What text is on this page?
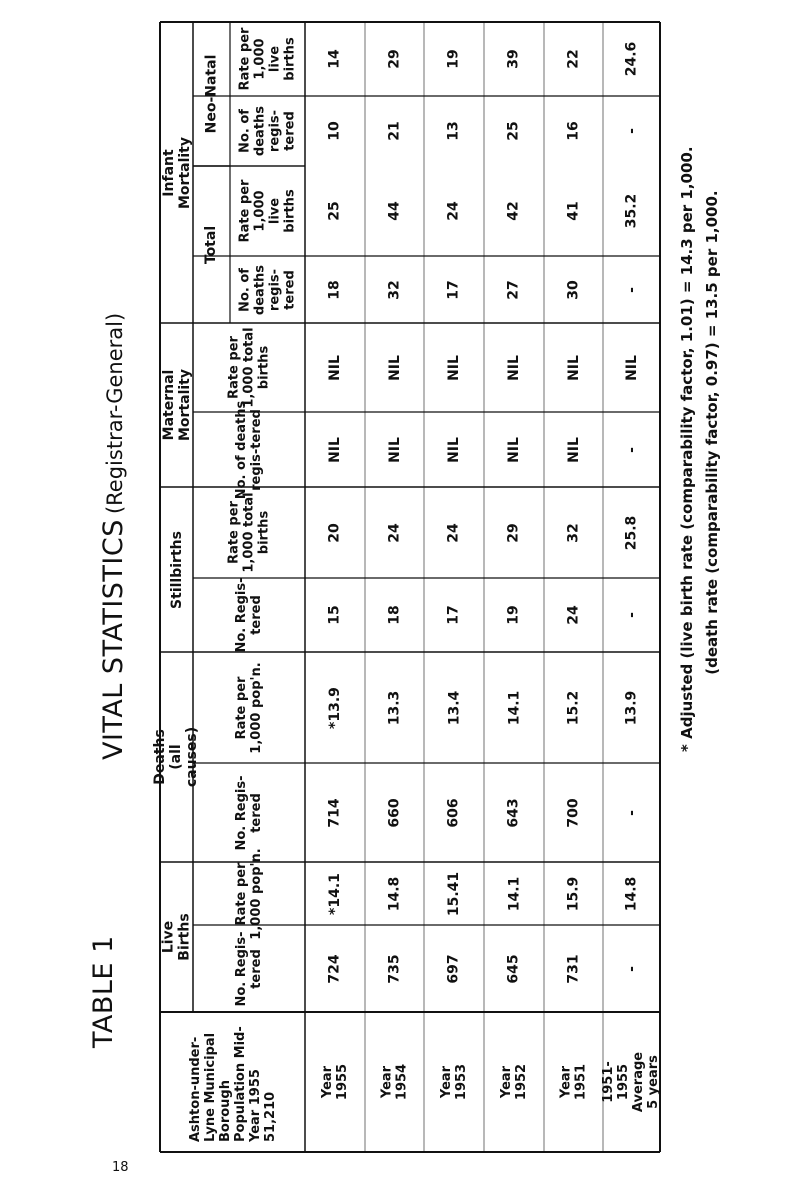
TABLE 1
VITAL STATISTICS (Registrar-General)
Live Births
Deaths (all causes)
Stillbirths
Maternal Mortality
Infant Mortality
Total
Neo-Natal
No. Regis-tered
Rate per 1,000 pop'n.
No. Regis-tered
Rate per 1,000 pop'n.
No. Regis-tered
Rate per 1,000 total births
No. of deaths regis-tered
Rate per 1,000 total births
No. of deaths regis-tered
Rate per 1,000 live births
No. of deaths regis-tered
Rate per 1,000 live births
Ashton-under-Lyne Municipal Borough Population Mid-Year 1955 51,210
Year 1955
724
*14.1
714
*13.9
15
20
NIL
NIL
18
25
10
14
Year 1954
735
14.8
660
13.3
18
24
NIL
NIL
32
44
21
29
Year 1953
697
15.41
606
13.4
17
24
NIL
NIL
17
24
13
19
Year 1952
645
14.1
643
14.1
19
29
NIL
NIL
27
42
25
39
Year 1951
731
15.9
700
15.2
24
32
NIL
NIL
30
41
16
22
1951-1955 Average 5 years
-
14.8
-
13.9
-
25.8
-
NIL
-
35.2
-
24.6
* Adjusted (live birth rate (comparability factor, 1.01) = 14.3 per 1,000. (death rate (comparability factor, 0.97) = 13.5 per 1,000.
18
